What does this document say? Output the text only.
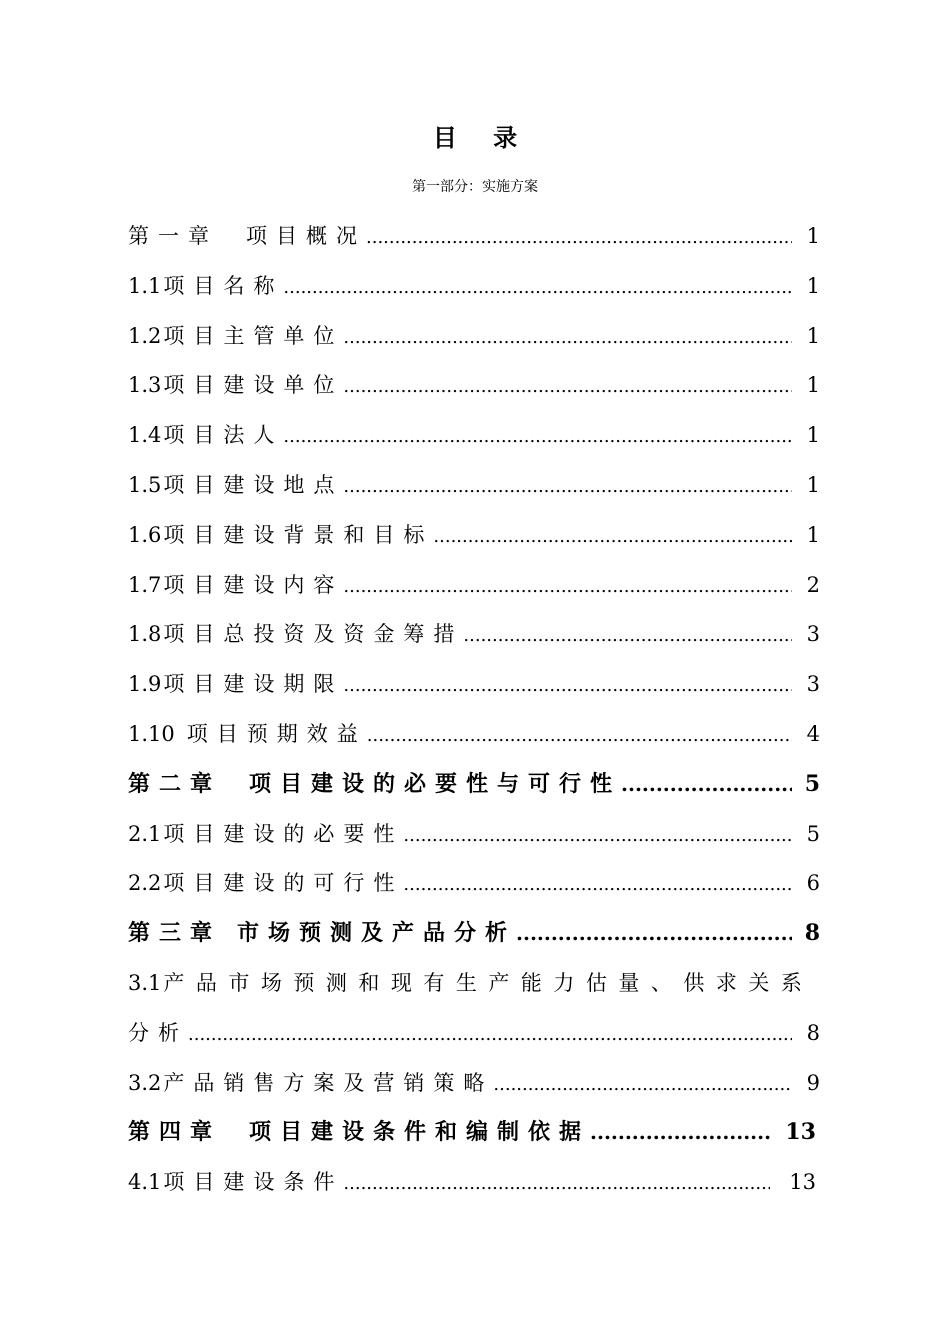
目 录
第一部分：实施方案
第一章 项目概况 .....	1
1.1项目名称 .....	1
1.2项目主管单位 .....	1
1.3项目建设单位 .....	1
1.4项目法人 .....	1
1.5项目建设地点 .....	1
1.6项目建设背景和目标 .....	1
1.7项目建设内容 .....	2
1.8项目总投资及资金筹措 .....	3
1.9项目建设期限 .....	3
1.10 项目预期效益 .....	4
第二章 项目建设的必要性与可行性 .....	5
2.1项目建设的必要性 .....	5
2.2项目建设的可行性 .....	6
第三章 市场预测及产品分析 .....	8
3.1产品市场预测和现有生产能力估量、供求关系
分析 .....	8
3.2产品销售方案及营销策略 .....	9
第四章 项目建设条件和编制依据 .....	13
4.1项目建设条件 .....	13
